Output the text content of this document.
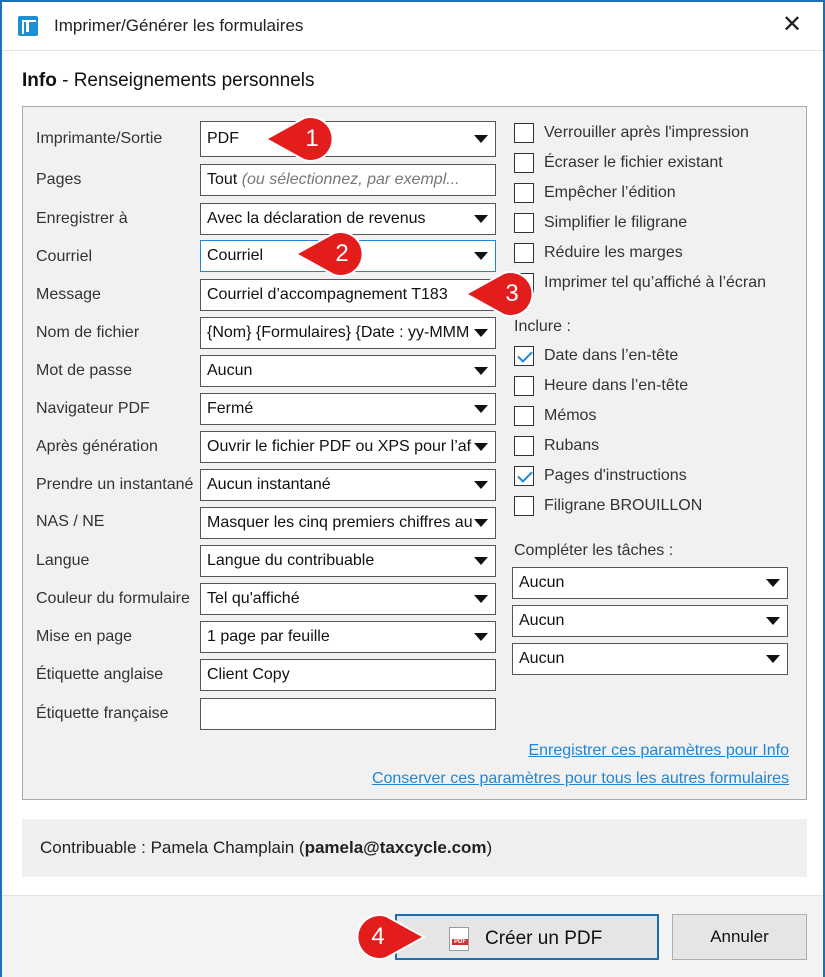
Imprimer/Générer les formulaires	✕
Info - Renseignements personnels
Imprimante/Sortie
Pages
Enregistrer à
Courriel
Message
Nom de fichier
Mot de passe
Navigateur PDF
Après génération
Prendre un instantané
NAS / NE
Langue
Couleur du formulaire
Mise en page
Étiquette anglaise
Étiquette française
PDF
Tout (ou sélectionnez, par exempl...
Avec la déclaration de revenus
Courriel
Courriel d’accompagnement T183
{Nom} {Formulaires} {Date : yy-MMM
Aucun
Fermé
Ouvrir le fichier PDF ou XPS pour l’af
Aucun instantané
Masquer les cinq premiers chiffres au
Langue du contribuable
Tel qu'affiché
1 page par feuille
Client Copy
Verrouiller après l'impression
Écraser le fichier existant
Empêcher l’édition
Simplifier le filigrane
Réduire les marges
Imprimer tel qu’affiché à l’écran
Inclure :
Date dans l’en-tête
Heure dans l’en-tête
Mémos
Rubans
Pages d'instructions
Filigrane BROUILLON
Compléter les tâches :
Aucun
Aucun
Aucun
Enregistrer ces paramètres pour Info
Conserver ces paramètres pour tous les autres formulaires
Contribuable : Pamela Champlain (pamela@taxcycle.com)
PDF
Créer un PDF	Annuler
1
2
3
4
